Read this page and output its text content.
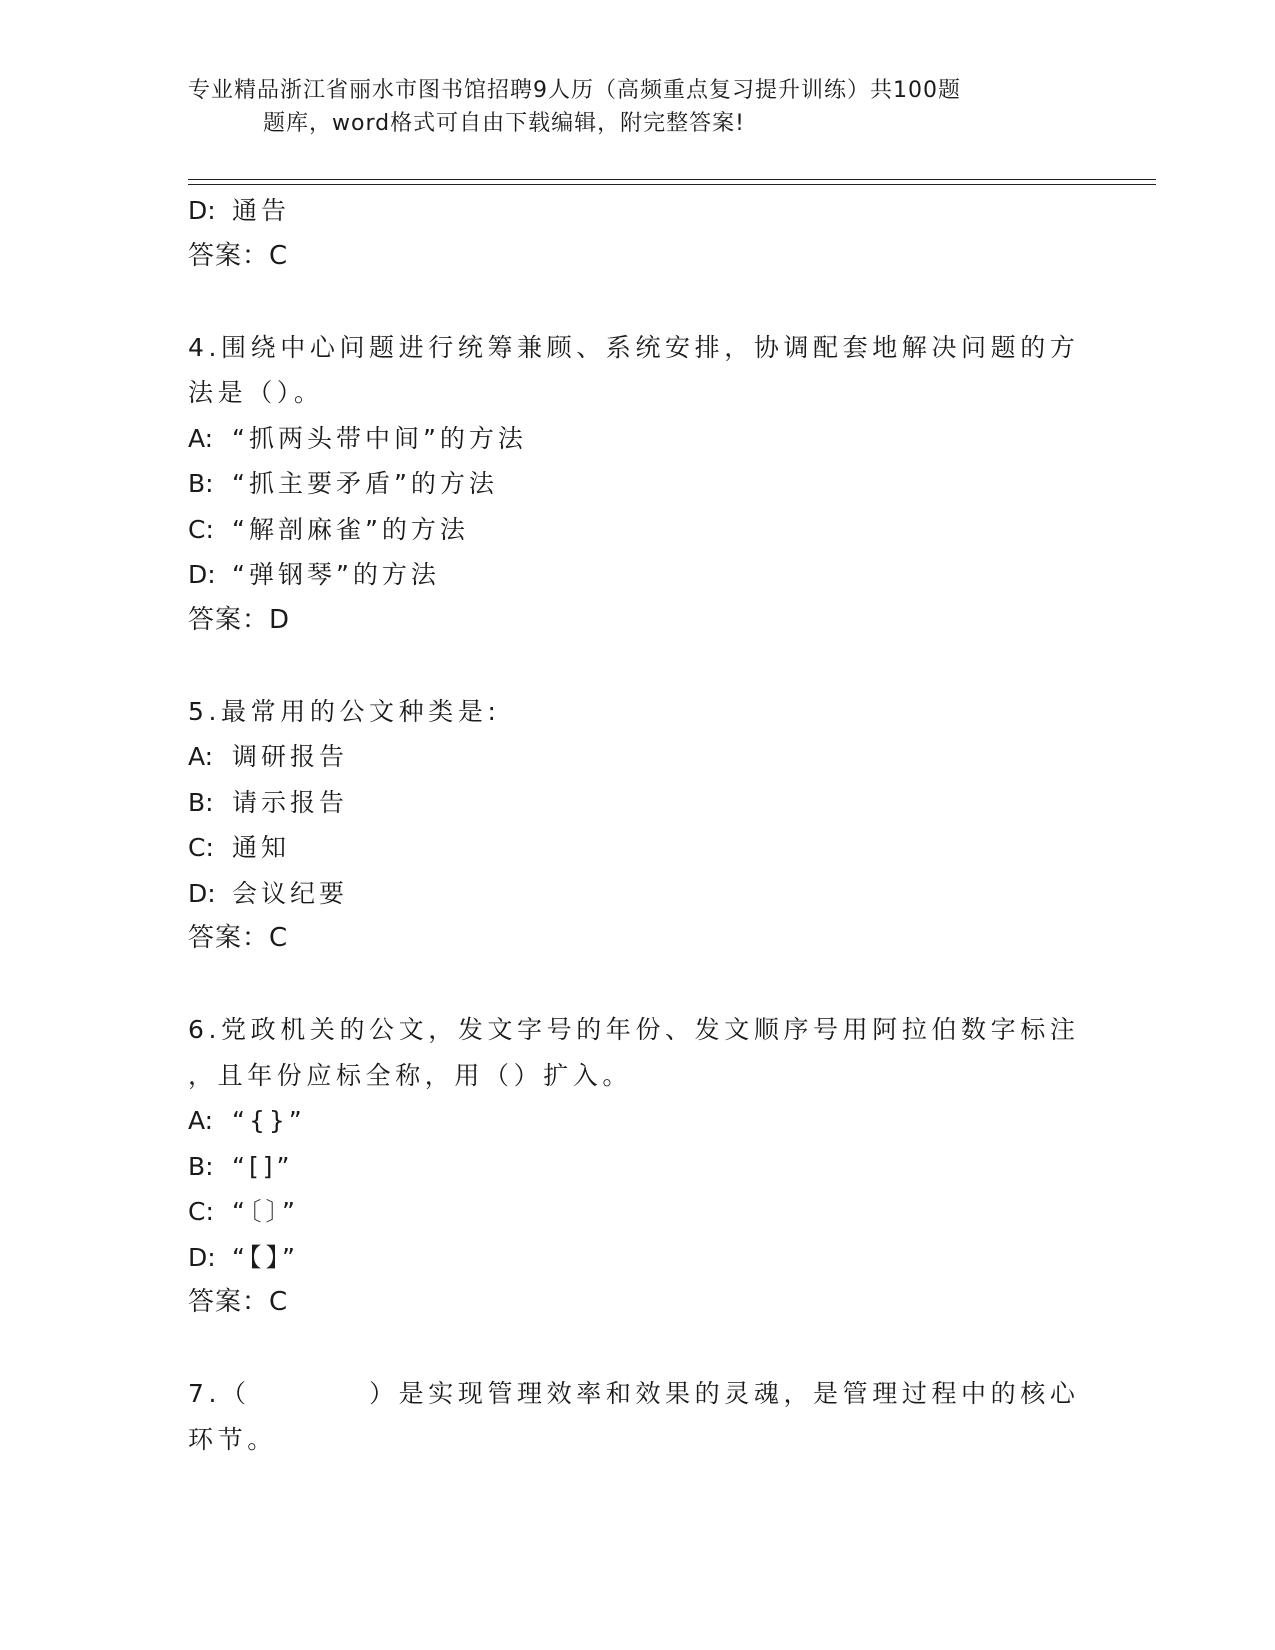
专业精品浙江省丽水市图书馆招聘9人历（高频重点复习提升训练）共100题
题库，word格式可自由下载编辑，附完整答案!
D: 通告
答案：C
4.围绕中心问题进行统筹兼顾、系统安排，协调配套地解决问题的方
法是（）。
A: “抓两头带中间”的方法
B: “抓主要矛盾”的方法
C: “解剖麻雀”的方法
D: “弹钢琴”的方法
答案：D
5.最常用的公文种类是:
A: 调研报告
B: 请示报告
C: 通知
D: 会议纪要
答案：C
6.党政机关的公文，发文字号的年份、发文顺序号用阿拉伯数字标注
，且年份应标全称，用（）扩入。
A: “{}”
B: “[]”
C: “〔〕”
D: “【】”
答案：C
7.（　　　　）是实现管理效率和效果的灵魂，是管理过程中的核心
环节。
